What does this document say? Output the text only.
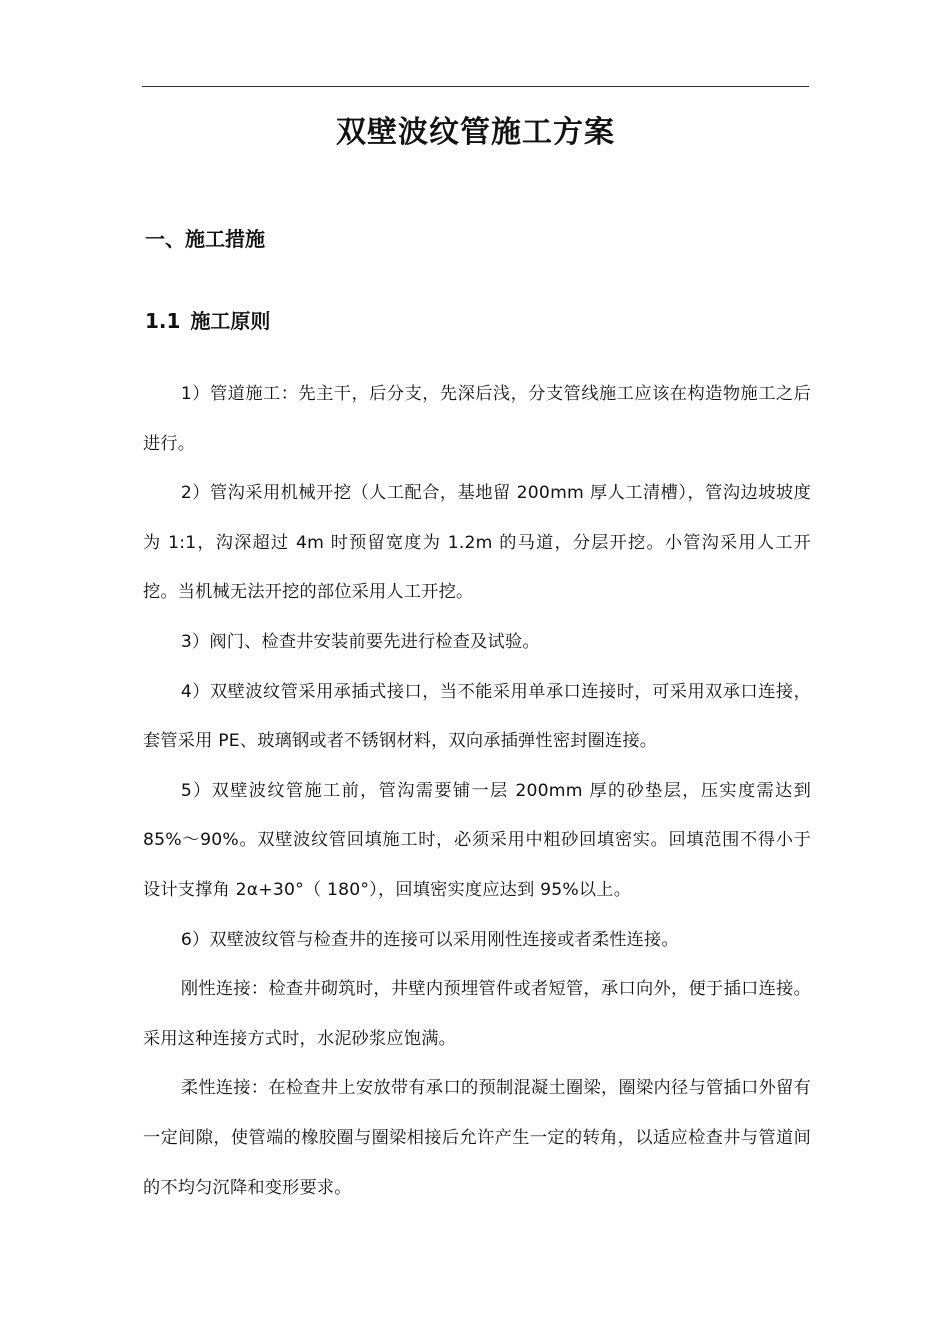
双壁波纹管施工方案
一、施工措施
1.1 施工原则

1）管道施工：先主干，后分支，先深后浅，分支管线施工应该在构造物施工之后进行。

2）管沟采用机械开挖（人工配合，基地留 200mm 厚人工清槽），管沟边坡坡度为 1:1，沟深超过 4m 时预留宽度为 1.2m 的马道，分层开挖。小管沟采用人工开挖。当机械无法开挖的部位采用人工开挖。

3）阀门、检查井安装前要先进行检查及试验。

4）双壁波纹管采用承插式接口，当不能采用单承口连接时，可采用双承口连接，套管采用 PE、玻璃钢或者不锈钢材料，双向承插弹性密封圈连接。

5）双壁波纹管施工前，管沟需要铺一层 200mm 厚的砂垫层，压实度需达到 85%～90%。双壁波纹管回填施工时，必须采用中粗砂回填密实。回填范围不得小于设计支撑角 2α+30°（ 180°），回填密实度应达到 95%以上。

6）双壁波纹管与检查井的连接可以采用刚性连接或者柔性连接。

刚性连接：检查井砌筑时，井壁内预埋管件或者短管，承口向外，便于插口连接。采用这种连接方式时，水泥砂浆应饱满。

柔性连接：在检查井上安放带有承口的预制混凝土圈梁，圈梁内径与管插口外留有一定间隙，使管端的橡胶圈与圈梁相接后允许产生一定的转角，以适应检查井与管道间的不均匀沉降和变形要求。
